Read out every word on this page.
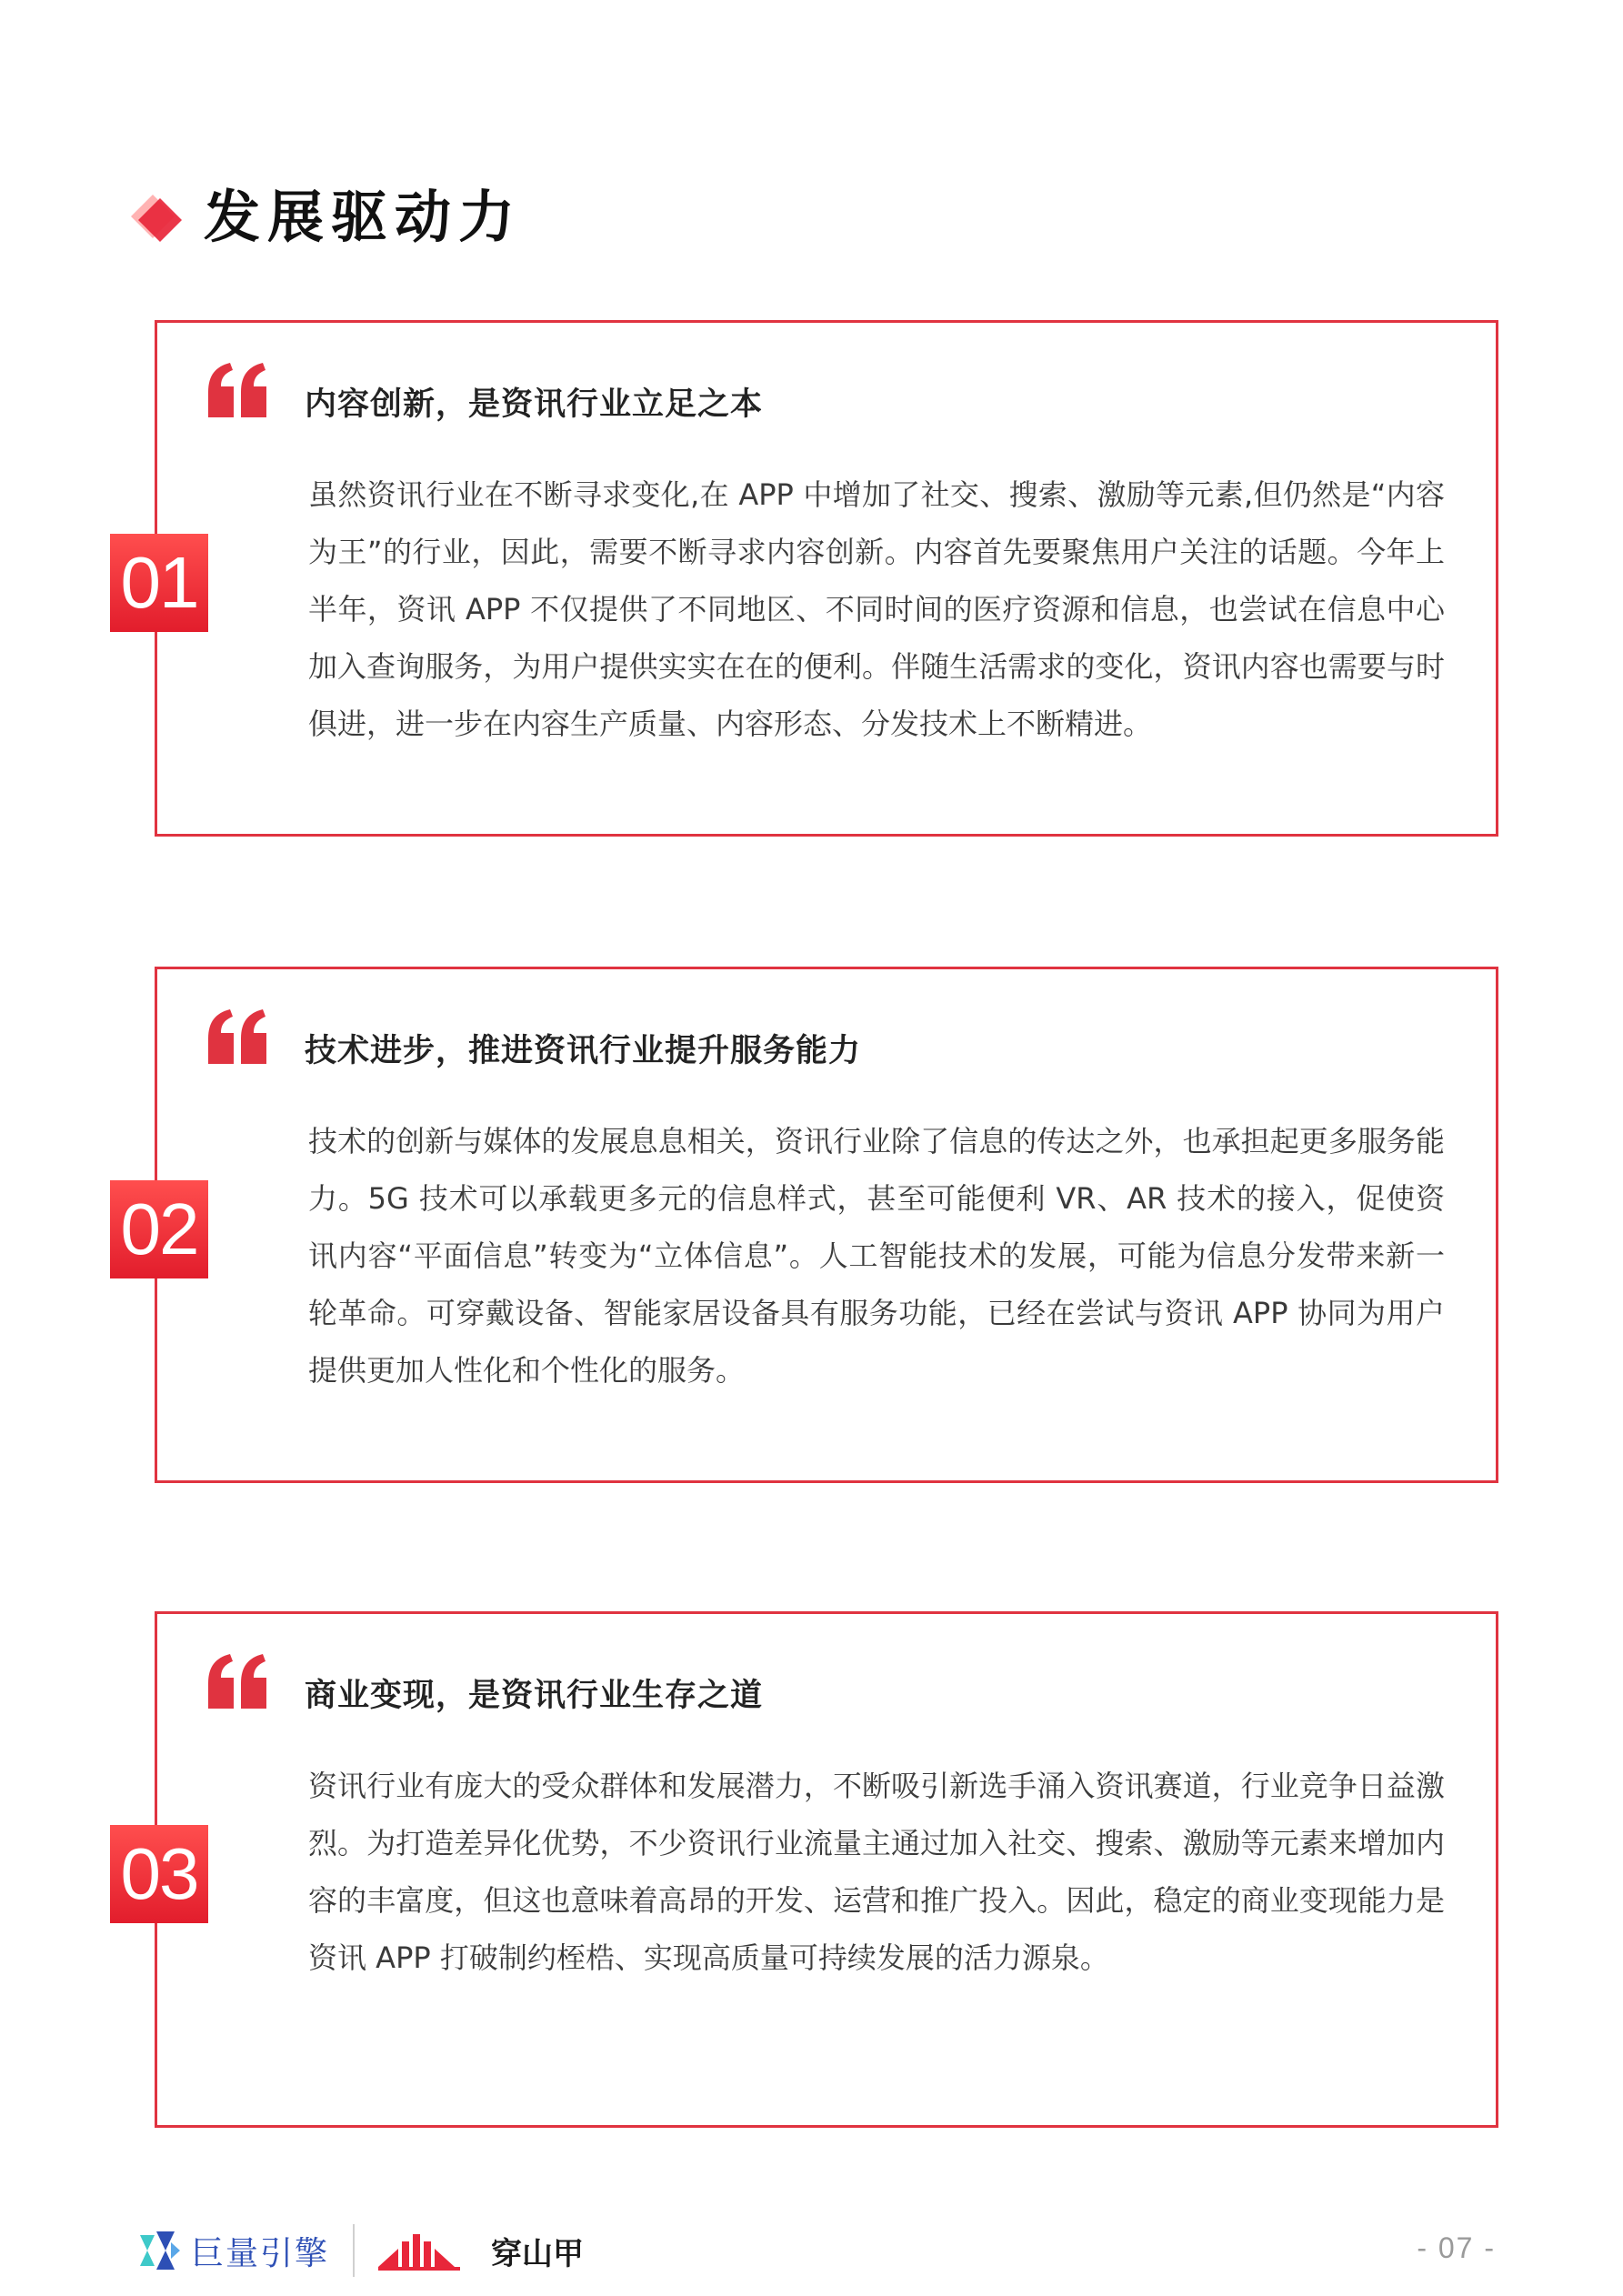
发展驱动力
内容创新，是资讯行业立足之本
虽然资讯行业在不断寻求变化,在 APP 中增加了社交、搜索、激励等元素,但仍然是“内容为王”的行业，因此，需要不断寻求内容创新。内容首先要聚焦用户关注的话题。今年上半年，资讯 APP 不仅提供了不同地区、不同时间的医疗资源和信息，也尝试在信息中心加入查询服务，为用户提供实实在在的便利。伴随生活需求的变化，资讯内容也需要与时俱进，进一步在内容生产质量、内容形态、分发技术上不断精进。
01
技术进步，推进资讯行业提升服务能力
技术的创新与媒体的发展息息相关，资讯行业除了信息的传达之外，也承担起更多服务能力。5G 技术可以承载更多元的信息样式，甚至可能便利 VR、AR 技术的接入，促使资讯内容“平面信息”转变为“立体信息”。人工智能技术的发展，可能为信息分发带来新一轮革命。可穿戴设备、智能家居设备具有服务功能，已经在尝试与资讯 APP 协同为用户提供更加人性化和个性化的服务。
02
商业变现，是资讯行业生存之道
资讯行业有庞大的受众群体和发展潜力，不断吸引新选手涌入资讯赛道，行业竞争日益激烈。为打造差异化优势，不少资讯行业流量主通过加入社交、搜索、激励等元素来增加内容的丰富度，但这也意味着高昂的开发、运营和推广投入。因此，稳定的商业变现能力是资讯 APP 打破制约桎梏、实现高质量可持续发展的活力源泉。
03
巨量引擎	穿山甲	- 07 -
